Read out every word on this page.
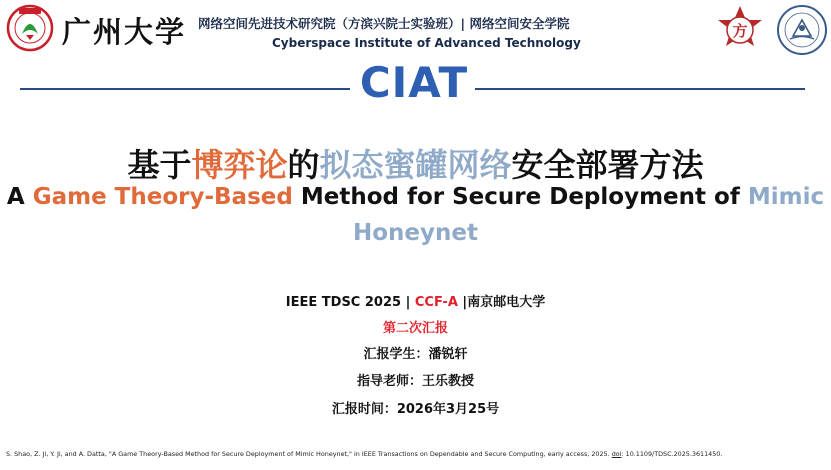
广州大学 网络空间先进技术研究院（方滨兴院士实验班）| 网络空间安全学院
Cyberspace Institute of Advanced Technology
方
CIAT
基于博弈论的拟态蜜罐网络安全部署方法
A Game Theory-Based Method for Secure Deployment of Mimic
Honeynet
IEEE TDSC 2025 | CCF-A |南京邮电大学
第二次汇报
汇报学生：潘锐轩
指导老师：王乐教授
汇报时间：2026年3月25号
S. Shao, Z. Ji, Y. Ji, and A. Datta, "A Game Theory-Based Method for Secure Deployment of Mimic Honeynet," in IEEE Transactions on Dependable and Secure Computing, early access, 2025. doi: 10.1109/TDSC.2025.3611450.
